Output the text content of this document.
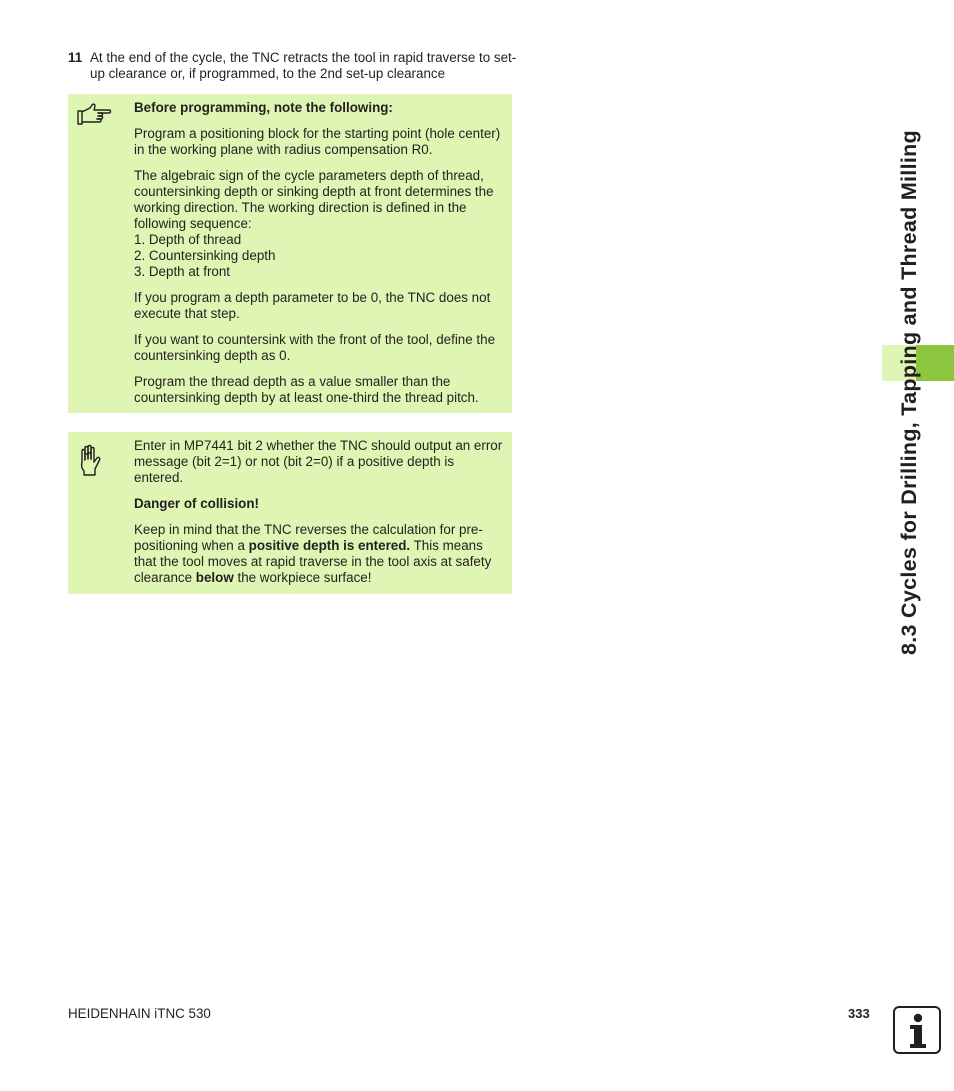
11 At the end of the cycle, the TNC retracts the tool in rapid traverse to set-up clearance or, if programmed, to the 2nd set-up clearance

Before programming, note the following:

Program a positioning block for the starting point (hole center) in the working plane with radius compensation R0.

The algebraic sign of the cycle parameters depth of thread, countersinking depth or sinking depth at front determines the working direction. The working direction is defined in the following sequence:
1. Depth of thread
2. Countersinking depth
3. Depth at front

If you program a depth parameter to be 0, the TNC does not execute that step.

If you want to countersink with the front of the tool, define the countersinking depth as 0.

Program the thread depth as a value smaller than the countersinking depth by at least one-third the thread pitch.

Enter in MP7441 bit 2 whether the TNC should output an error message (bit 2=1) or not (bit 2=0) if a positive depth is entered.

Danger of collision!

Keep in mind that the TNC reverses the calculation for pre-positioning when a positive depth is entered. This means that the tool moves at rapid traverse in the tool axis at safety clearance below the workpiece surface!	8.3 Cycles for Drilling, Tapping and Thread Milling
HEIDENHAIN iTNC 530	333
